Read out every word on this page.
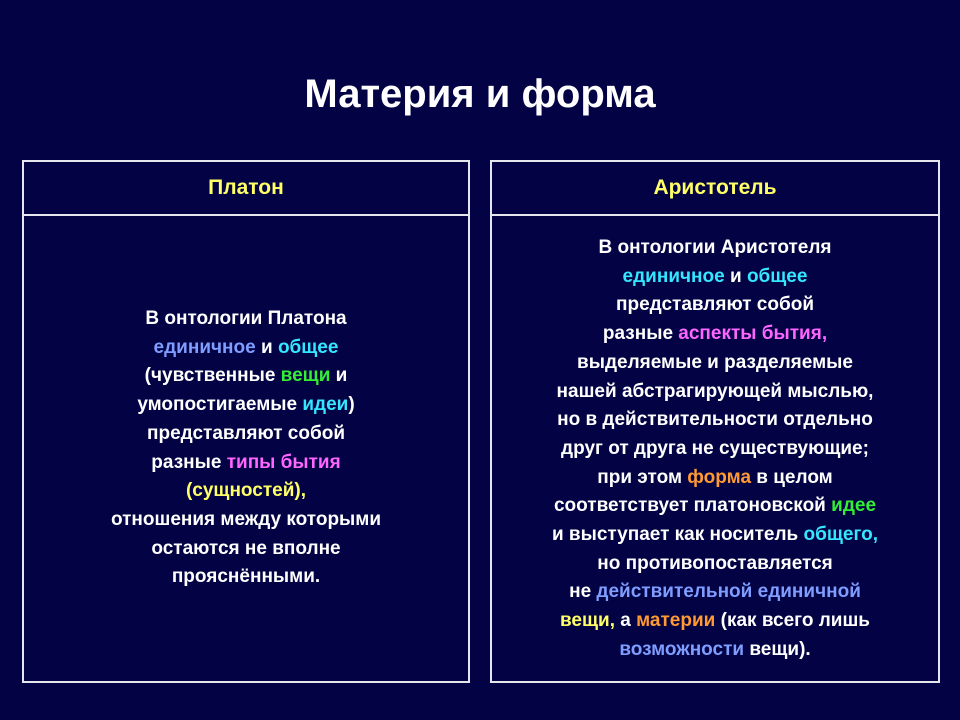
Материя и форма
Платон
В онтологии Платона
единичное и общее
(чувственные вещи и
умопостигаемые идеи)
представляют собой
разные типы бытия
(сущностей),
отношения между которыми
остаются не вполне
прояснёнными.
Аристотель
В онтологии Аристотеля
единичное и общее
представляют собой
разные аспекты бытия,
выделяемые и разделяемые
нашей абстрагирующей мыслью,
но в действительности отдельно
друг от друга не существующие;
при этом форма в целом
соответствует платоновской идее
и выступает как носитель общего,
но противопоставляется
не действительной единичной
вещи, а материи (как всего лишь
возможности вещи).
